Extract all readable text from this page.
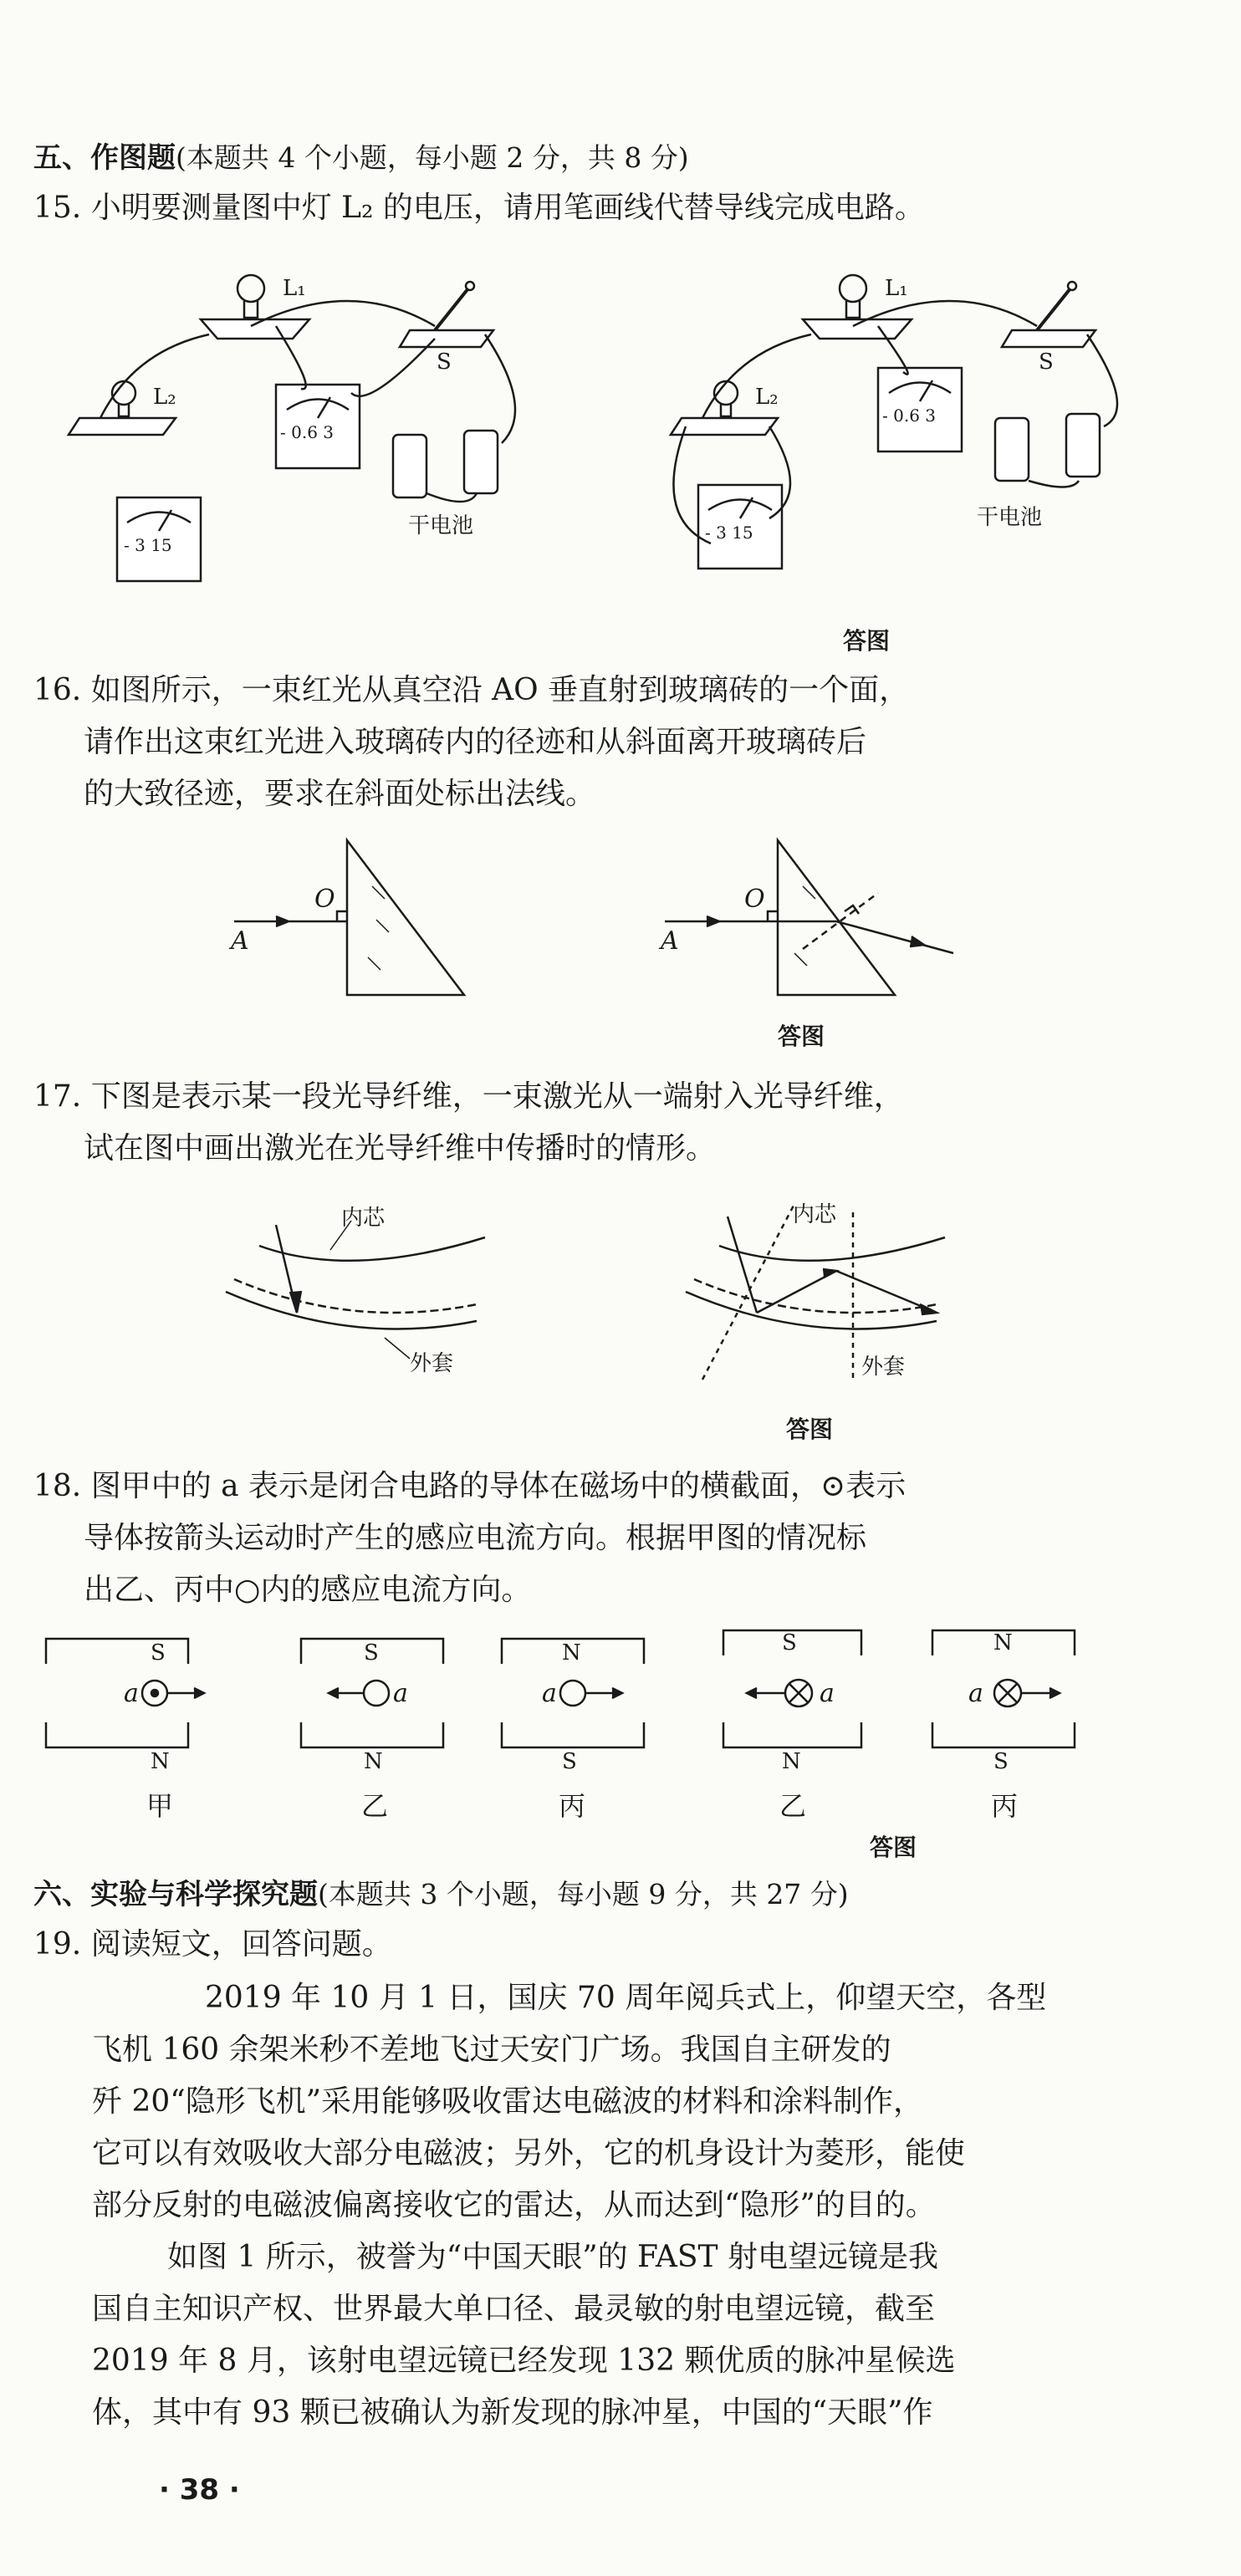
五、作图题(本题共 4 个小题，每小题 2 分，共 8 分)
15. 小明要测量图中灯 L₂ 的电压，请用笔画线代替导线完成电路。
L₁
L₂
S
- 0.6 3
- 3 15
干电池
L₁
L₂
S
- 0.6 3
- 3 15
干电池
答图
16. 如图所示，一束红光从真空沿 AO 垂直射到玻璃砖的一个面，
请作出这束红光进入玻璃砖内的径迹和从斜面离开玻璃砖后
的大致径迹，要求在斜面处标出法线。
A
O
A
O
答图
17. 下图是表示某一段光导纤维，一束激光从一端射入光导纤维，
试在图中画出激光在光导纤维中传播时的情形。
内芯
外套
内芯
外套
答图
18. 图甲中的 a 表示是闭合电路的导体在磁场中的横截面，⊙表示
导体按箭头运动时产生的感应电流方向。根据甲图的情况标
出乙、丙中○内的感应电流方向。
S
N
a
甲
S
N
a
乙
N
S
a
丙
S
N
a
乙
N
S
a
丙
答图
六、实验与科学探究题(本题共 3 个小题，每小题 9 分，共 27 分)
19. 阅读短文，回答问题。
2019 年 10 月 1 日，国庆 70 周年阅兵式上，仰望天空，各型
飞机 160 余架米秒不差地飞过天安门广场。我国自主研发的
歼 20“隐形飞机”采用能够吸收雷达电磁波的材料和涂料制作，
它可以有效吸收大部分电磁波；另外，它的机身设计为菱形，能使
部分反射的电磁波偏离接收它的雷达，从而达到“隐形”的目的。
如图 1 所示，被誉为“中国天眼”的 FAST 射电望远镜是我
国自主知识产权、世界最大单口径、最灵敏的射电望远镜，截至
2019 年 8 月，该射电望远镜已经发现 132 颗优质的脉冲星候选
体，其中有 93 颗已被确认为新发现的脉冲星，中国的“天眼”作
· 38 ·
